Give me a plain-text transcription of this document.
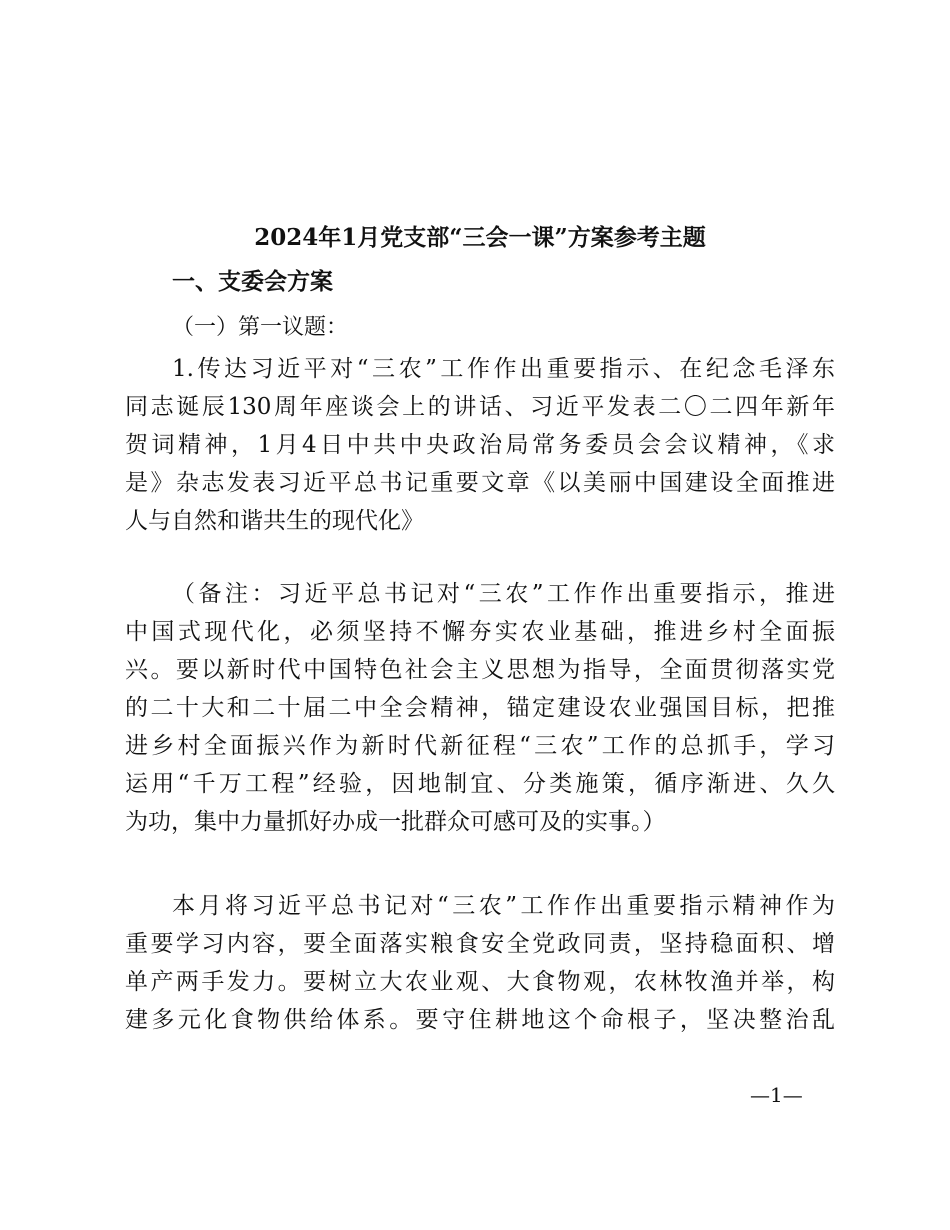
2024年1月党支部“三会一课”方案参考主题
一、支委会方案
（一）第一议题：
1.传达习近平对“三农”工作作出重要指示、在纪念毛泽东
同志诞辰130周年座谈会上的讲话、习近平发表二〇二四年新年
贺词精神，1月4日中共中央政治局常务委员会会议精神，《求
是》杂志发表习近平总书记重要文章《以美丽中国建设全面推进
人与自然和谐共生的现代化》
（备注：习近平总书记对“三农”工作作出重要指示，推进
中国式现代化，必须坚持不懈夯实农业基础，推进乡村全面振
兴。要以新时代中国特色社会主义思想为指导，全面贯彻落实党
的二十大和二十届二中全会精神，锚定建设农业强国目标，把推
进乡村全面振兴作为新时代新征程“三农”工作的总抓手，学习
运用“千万工程”经验，因地制宜、分类施策，循序渐进、久久
为功，集中力量抓好办成一批群众可感可及的实事。）
本月将习近平总书记对“三农”工作作出重要指示精神作为
重要学习内容，要全面落实粮食安全党政同责，坚持稳面积、增
单产两手发力。要树立大农业观、大食物观，农林牧渔并举，构
建多元化食物供给体系。要守住耕地这个命根子，坚决整治乱
—1—
